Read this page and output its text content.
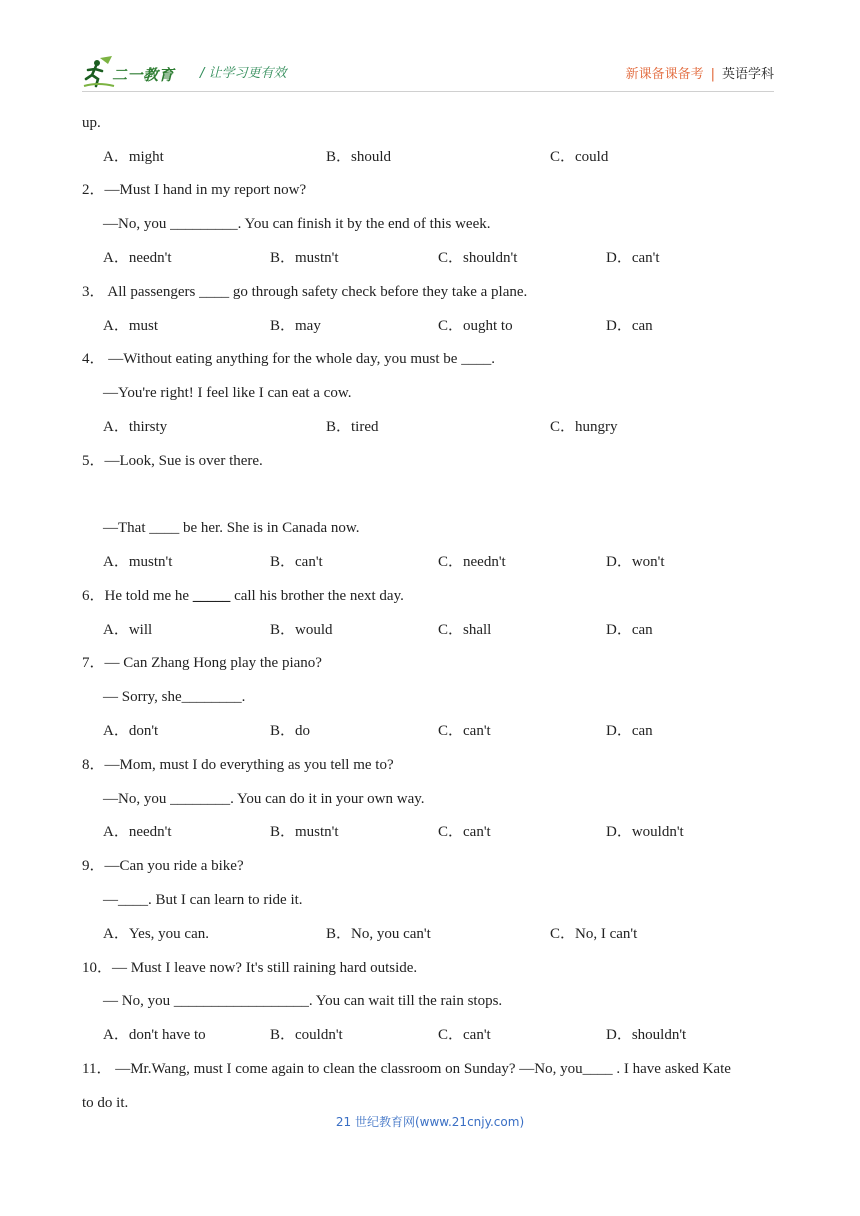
二一教育 / 让学习更有效	新课备课备考 | 英语学科
up.
A．might	B．should	C．could
2．—Must I hand in my report now?
—No, you _________. You can finish it by the end of this week.
A．needn't	B．mustn't	C．shouldn't	D．can't
3． All passengers ____ go through safety check before they take a plane.
A．must	B．may	C．ought to	D．can
4． —Without eating anything for the whole day, you must be ____.
—You're right! I feel like I can eat a cow.
A．thirsty	B．tired	C．hungry
5．—Look, Sue is over there.
—That ____ be her. She is in Canada now.
A．mustn't	B．can't	C．needn't	D．won't
6．He told me he _____ call his brother the next day.
A．will	B．would	C．shall	D．can
7．— Can Zhang Hong play the piano?
— Sorry, she________.
A．don't	B．do	C．can't	D．can
8．—Mom, must I do everything as you tell me to?
—No, you ________. You can do it in your own way.
A．needn't	B．mustn't	C．can't	D．wouldn't
9．—Can you ride a bike?
—____. But I can learn to ride it.
A．Yes, you can.	B．No, you can't	C．No, I can't
10．— Must I leave now? It's still raining hard outside.
— No, you __________________. You can wait till the rain stops.
A．don't have to	B．couldn't	C．can't	D．shouldn't
11． —Mr.Wang, must I come again to clean the classroom on Sunday? —No, you____ . I have asked Kate
to do it.
21 世纪教育网(www.21cnjy.com)
